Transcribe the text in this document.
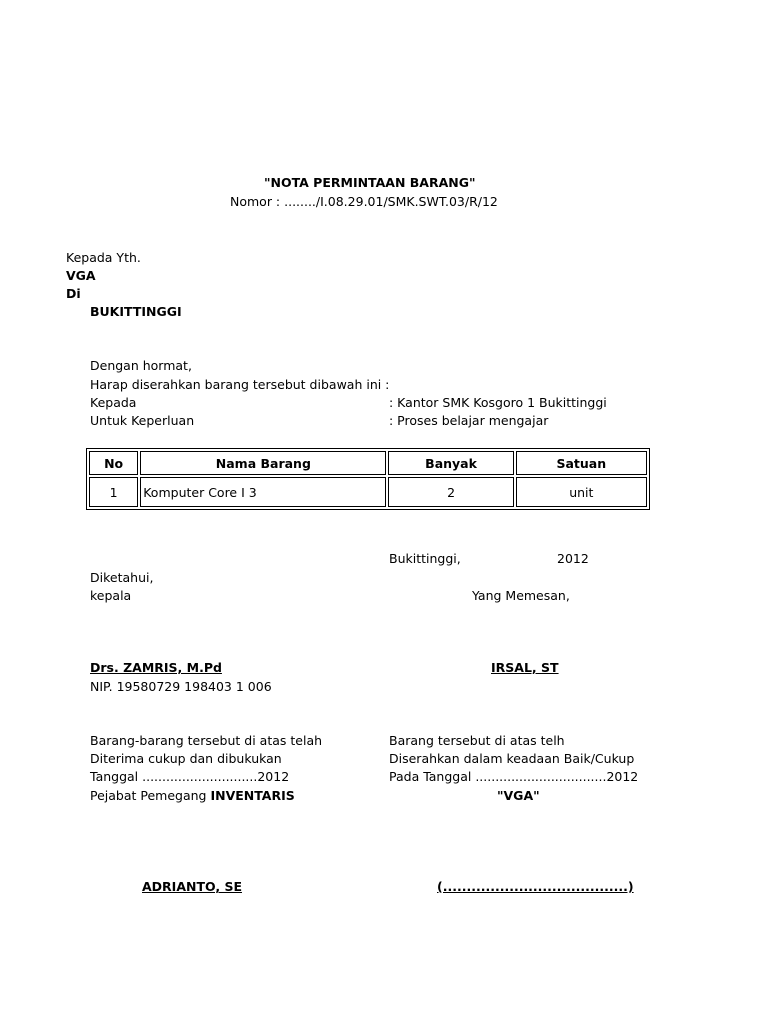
"NOTA PERMINTAAN BARANG"
Nomor : ......../I.08.29.01/SMK.SWT.03/R/12
Kepada Yth.
VGA
Di
BUKITTINGGI
Dengan hormat,
Harap diserahkan barang tersebut dibawah ini :
Kepada	: Kantor SMK Kosgoro 1 Bukittinggi
Untuk Keperluan	: Proses belajar mengajar
No	Nama Barang	Banyak	Satuan
1	Komputer Core I 3	2	unit
Bukittinggi,	2012
Diketahui,
kepala	Yang Memesan,
Drs. ZAMRIS, M.Pd	IRSAL, ST
NIP. 19580729 198403 1 006
Barang-barang tersebut di atas telah
Diterima cukup dan dibukukan
Tanggal .............................2012
Pejabat Pemegang INVENTARIS
Barang tersebut di atas telh
Diserahkan dalam keadaan Baik/Cukup
Pada Tanggal .................................2012
"VGA"
ADRIANTO, SE	(.......................................)
